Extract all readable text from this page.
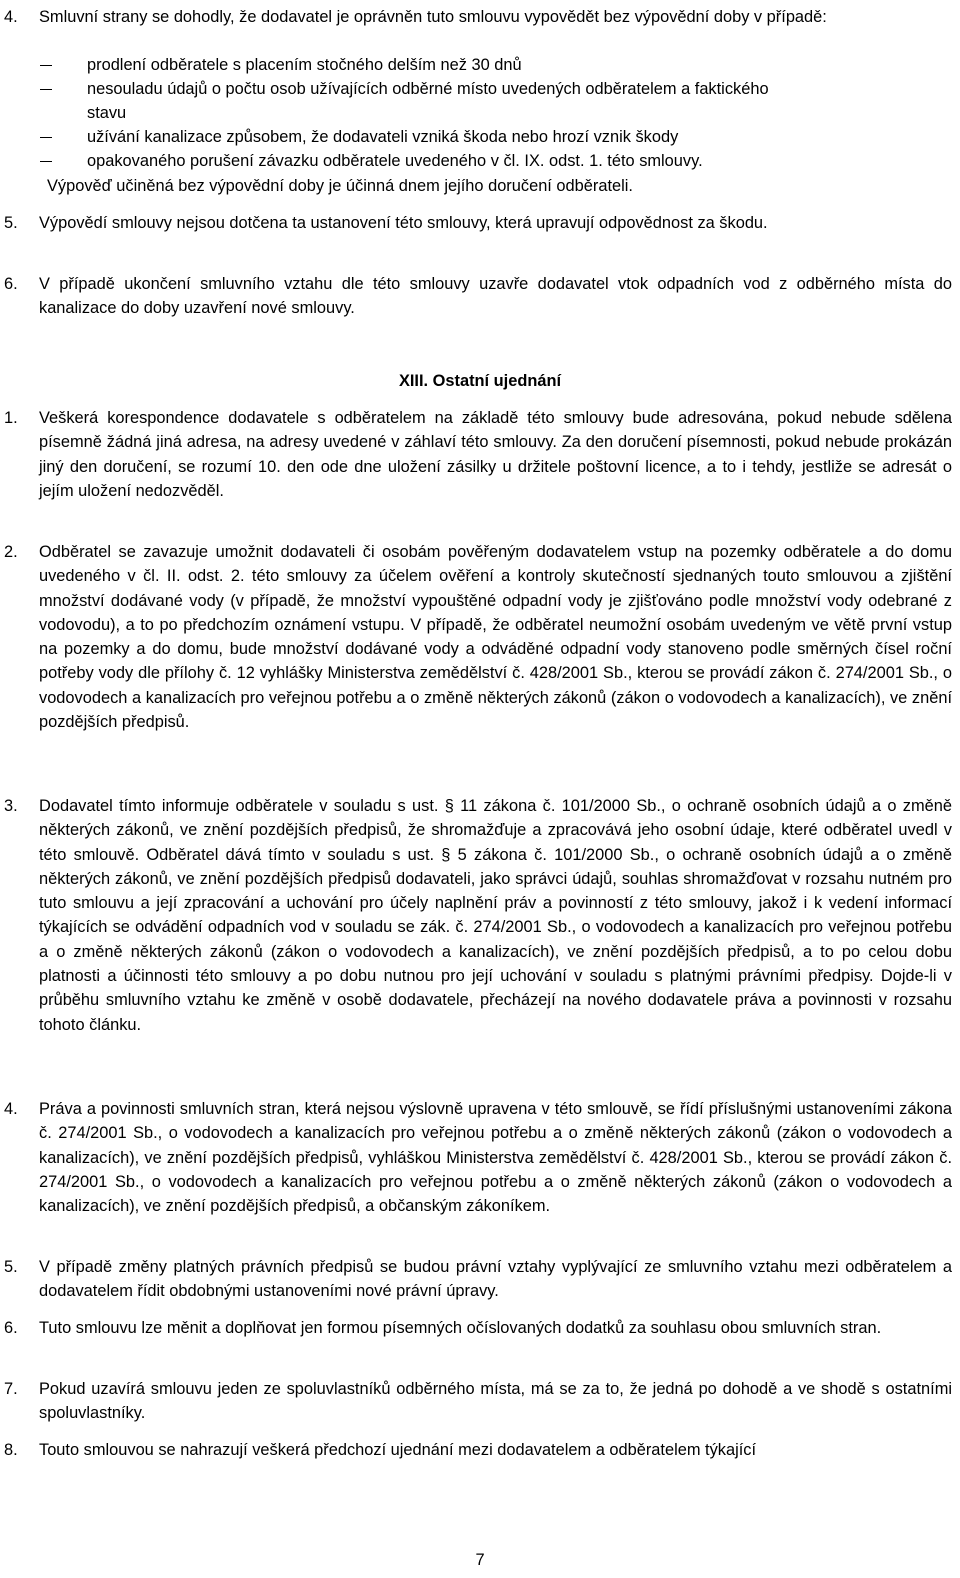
4. Smluvní strany se dohodly, že dodavatel je oprávněn tuto smlouvu vypovědět bez výpovědní doby v případě:
prodlení odběratele s placením stočného delším než 30 dnů
nesouladu údajů o počtu osob užívajících odběrné místo uvedených odběratelem a faktického
stavu
užívání kanalizace způsobem, že dodavateli vzniká škoda nebo hrozí vznik škody
opakovaného porušení závazku odběratele uvedeného v čl. IX. odst. 1. této smlouvy.
Výpověď učiněná bez výpovědní doby je účinná dnem jejího doručení odběrateli.
5. Výpovědí smlouvy nejsou dotčena ta ustanovení této smlouvy, která upravují odpovědnost za škodu.
6. V případě ukončení smluvního vztahu dle této smlouvy uzavře dodavatel vtok odpadních vod z odběrného místa do kanalizace do doby uzavření nové smlouvy.
XIII. Ostatní ujednání
1. Veškerá korespondence dodavatele s odběratelem na základě této smlouvy bude adresována, pokud nebude sdělena písemně žádná jiná adresa, na adresy uvedené v záhlaví této smlouvy. Za den doručení písemnosti, pokud nebude prokázán jiný den doručení, se rozumí 10. den ode dne uložení zásilky u držitele poštovní licence, a to i tehdy, jestliže se adresát o jejím uložení nedozvěděl.
2. Odběratel se zavazuje umožnit dodavateli či osobám pověřeným dodavatelem vstup na pozemky odběratele a do domu uvedeného v čl. II. odst. 2. této smlouvy za účelem ověření a kontroly skutečností sjednaných touto smlouvou a zjištění množství dodávané vody (v případě, že množství vypouštěné odpadní vody je zjišťováno podle množství vody odebrané z vodovodu), a to po předchozím oznámení vstupu. V případě, že odběratel neumožní osobám uvedeným ve větě první vstup na pozemky a do domu, bude množství dodávané vody a odváděné odpadní vody stanoveno podle směrných čísel roční potřeby vody dle přílohy č. 12 vyhlášky Ministerstva zemědělství č. 428/2001 Sb., kterou se provádí zákon č. 274/2001 Sb., o vodovodech a kanalizacích pro veřejnou potřebu a o změně některých zákonů (zákon o vodovodech a kanalizacích), ve znění pozdějších předpisů.
3. Dodavatel tímto informuje odběratele v souladu s ust. § 11 zákona č. 101/2000 Sb., o ochraně osobních údajů a o změně některých zákonů, ve znění pozdějších předpisů, že shromažďuje a zpracovává jeho osobní údaje, které odběratel uvedl v této smlouvě. Odběratel dává tímto v souladu s ust. § 5 zákona č. 101/2000 Sb., o ochraně osobních údajů a o změně některých zákonů, ve znění pozdějších předpisů dodavateli, jako správci údajů, souhlas shromažďovat v rozsahu nutném pro tuto smlouvu a její zpracování a uchování pro účely naplnění práv a povinností z této smlouvy, jakož i k vedení informací týkajících se odvádění odpadních vod v souladu se zák. č. 274/2001 Sb., o vodovodech a kanalizacích pro veřejnou potřebu a o změně některých zákonů (zákon o vodovodech a kanalizacích), ve znění pozdějších předpisů, a to po celou dobu platnosti a účinnosti této smlouvy a po dobu nutnou pro její uchování v souladu s platnými právními předpisy. Dojde-li v průběhu smluvního vztahu ke změně v osobě dodavatele, přecházejí na nového dodavatele práva a povinnosti v rozsahu tohoto článku.
4. Práva a povinnosti smluvních stran, která nejsou výslovně upravena v této smlouvě, se řídí příslušnými ustanoveními zákona č. 274/2001 Sb., o vodovodech a kanalizacích pro veřejnou potřebu a o změně některých zákonů (zákon o vodovodech a kanalizacích), ve znění pozdějších předpisů, vyhláškou Ministerstva zemědělství č. 428/2001 Sb., kterou se provádí zákon č. 274/2001 Sb., o vodovodech a kanalizacích pro veřejnou potřebu a o změně některých zákonů (zákon o vodovodech a kanalizacích), ve znění pozdějších předpisů, a občanským zákoníkem.
5. V případě změny platných právních předpisů se budou právní vztahy vyplývající ze smluvního vztahu mezi odběratelem a dodavatelem řídit obdobnými ustanoveními nové právní úpravy.
6. Tuto smlouvu lze měnit a doplňovat jen formou písemných očíslovaných dodatků za souhlasu obou smluvních stran.
7. Pokud uzavírá smlouvu jeden ze spoluvlastníků odběrného místa, má se za to, že jedná po dohodě a ve shodě s ostatními spoluvlastníky.
8. Touto smlouvou se nahrazují veškerá předchozí ujednání mezi dodavatelem a odběratelem týkající
7
